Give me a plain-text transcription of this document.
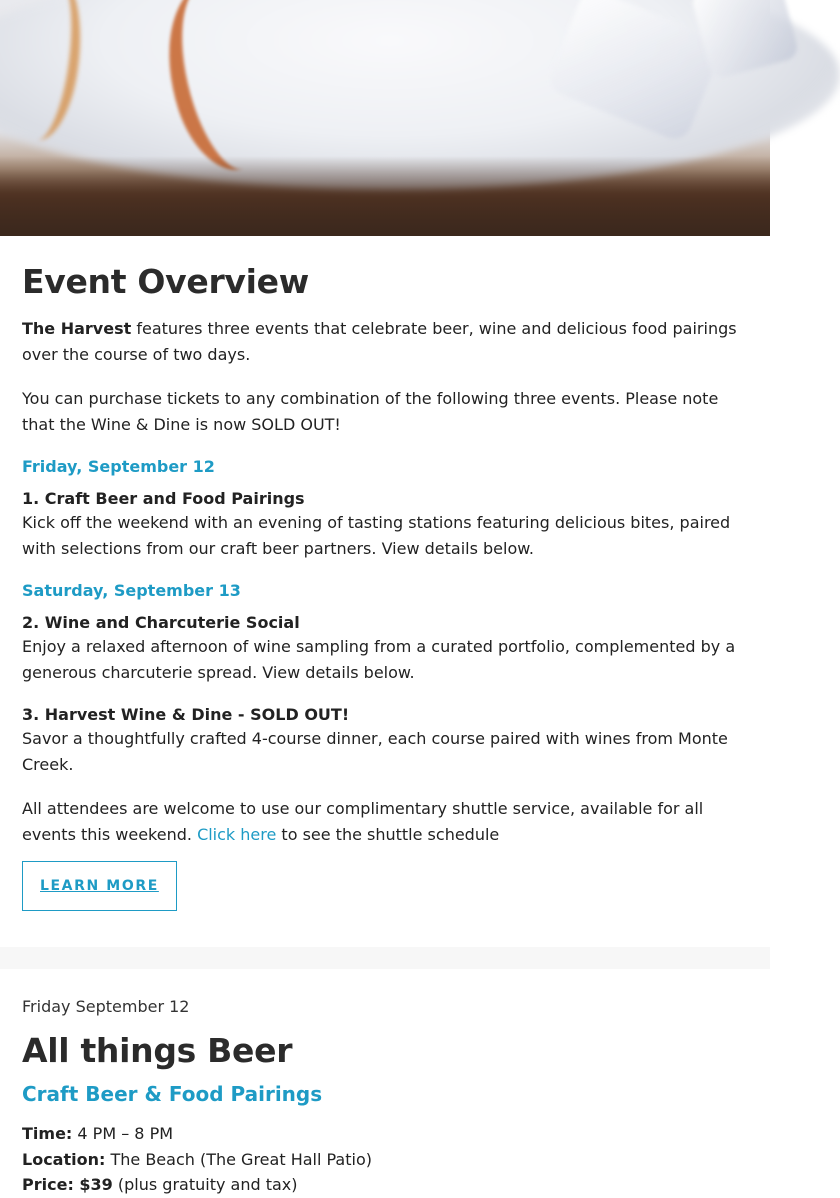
Event Overview

The Harvest features three events that celebrate beer, wine and delicious food pairings over the course of two days.

You can purchase tickets to any combination of the following three events. Please note that the Wine & Dine is now SOLD OUT!

Friday, September 12
1. Craft Beer and Food Pairings

Kick off the weekend with an evening of tasting stations featuring delicious bites, paired with selections from our craft beer partners. View details below.

Saturday, September 13
2. Wine and Charcuterie Social

Enjoy a relaxed afternoon of wine sampling from a curated portfolio, complemented by a generous charcuterie spread. View details below.

3. Harvest Wine & Dine - SOLD OUT!

Savor a thoughtfully crafted 4-course dinner, each course paired with wines from Monte Creek.

All attendees are welcome to use our complimentary shuttle service, available for all events this weekend. Click here to see the shuttle schedule

LEARN MORE
Friday September 12
All things Beer
Craft Beer & Food Pairings
Time: 4 PM – 8 PM
Location: The Beach (The Great Hall Patio)
Price: $39 (plus gratuity and tax)
